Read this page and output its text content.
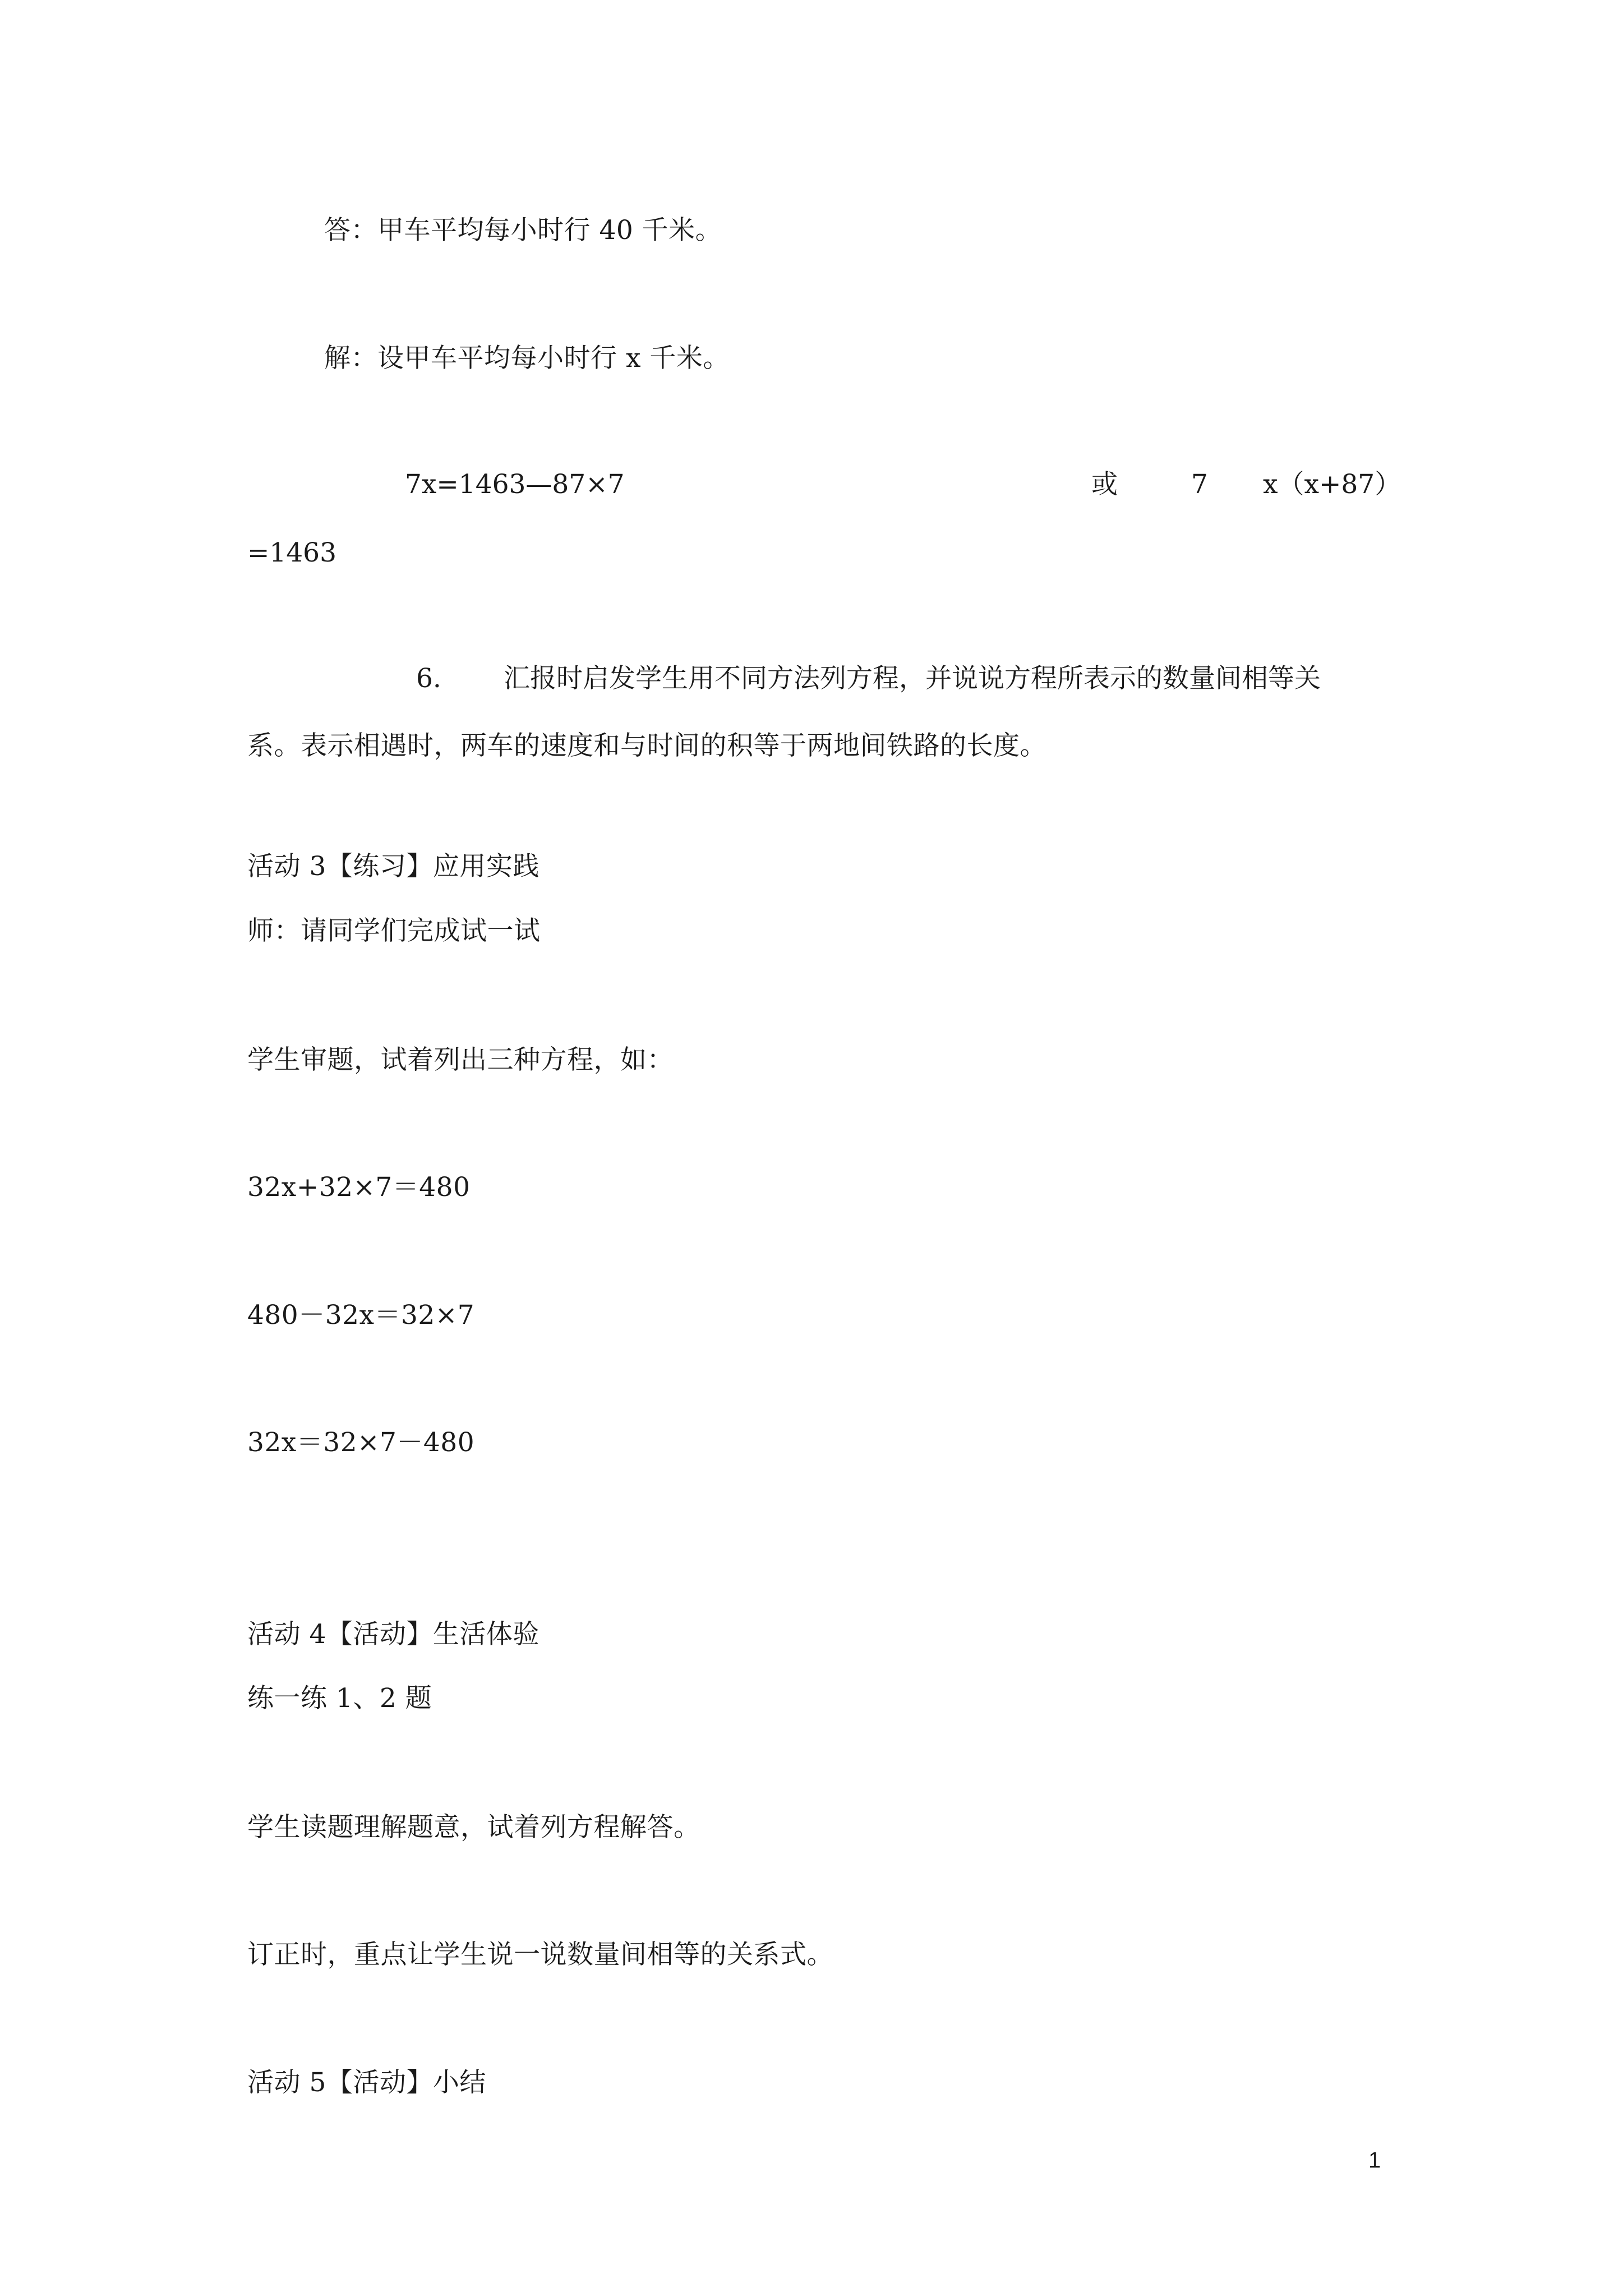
答：甲车平均每小时行 40 千米。
解：设甲车平均每小时行 x 千米。
7x=1463—87×7	或	7 x（x+87）
=1463
6. 汇报时启发学生用不同方法列方程，并说说方程所表示的数量间相等关
系。表示相遇时，两车的速度和与时间的积等于两地间铁路的长度。
活动 3【练习】应用实践
师：请同学们完成试一试
学生审题，试着列出三种方程，如：
32x+32×7＝480
480－32x＝32×7
32x＝32×7－480
活动 4【活动】生活体验
练一练 1、2 题
学生读题理解题意，试着列方程解答。
订正时，重点让学生说一说数量间相等的关系式。
活动 5【活动】小结
1
